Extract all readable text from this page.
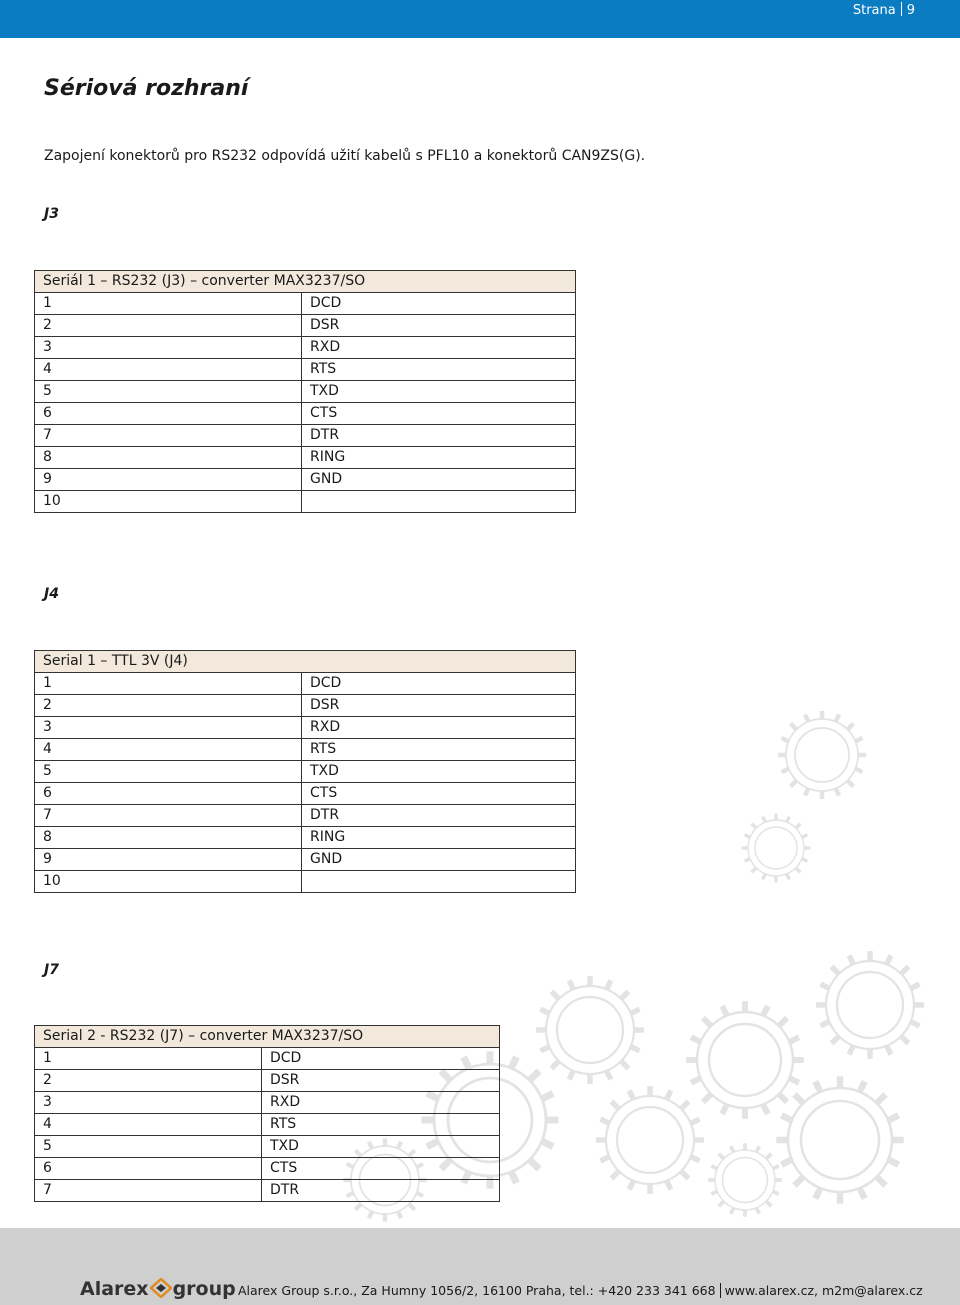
Strana 9
Sériová rozhraní

Zapojení konektorů pro RS232 odpovídá užití kabelů s PFL10 a konektorů CAN9ZS(G).

J3

Seriál 1 – RS232 (J3) – converter MAX3237/SO	
1	DCD
2	DSR
3	RXD
4	RTS
5	TXD
6	CTS
7	DTR
8	RING
9	GND
10	

J4

Serial 1 – TTL 3V (J4)	
1	DCD
2	DSR
3	RXD
4	RTS
5	TXD
6	CTS
7	DTR
8	RING
9	GND
10	

J7

Serial 2 - RS232 (J7) – converter MAX3237/SO	
1	DCD
2	DSR
3	RXD
4	RTS
5	TXD
6	CTS
7	DTR
Alarex group Alarex Group s.r.o., Za Humny 1056/2, 16100 Praha, tel.: +420 233 341 668 www.alarex.cz, m2m@alarex.cz
